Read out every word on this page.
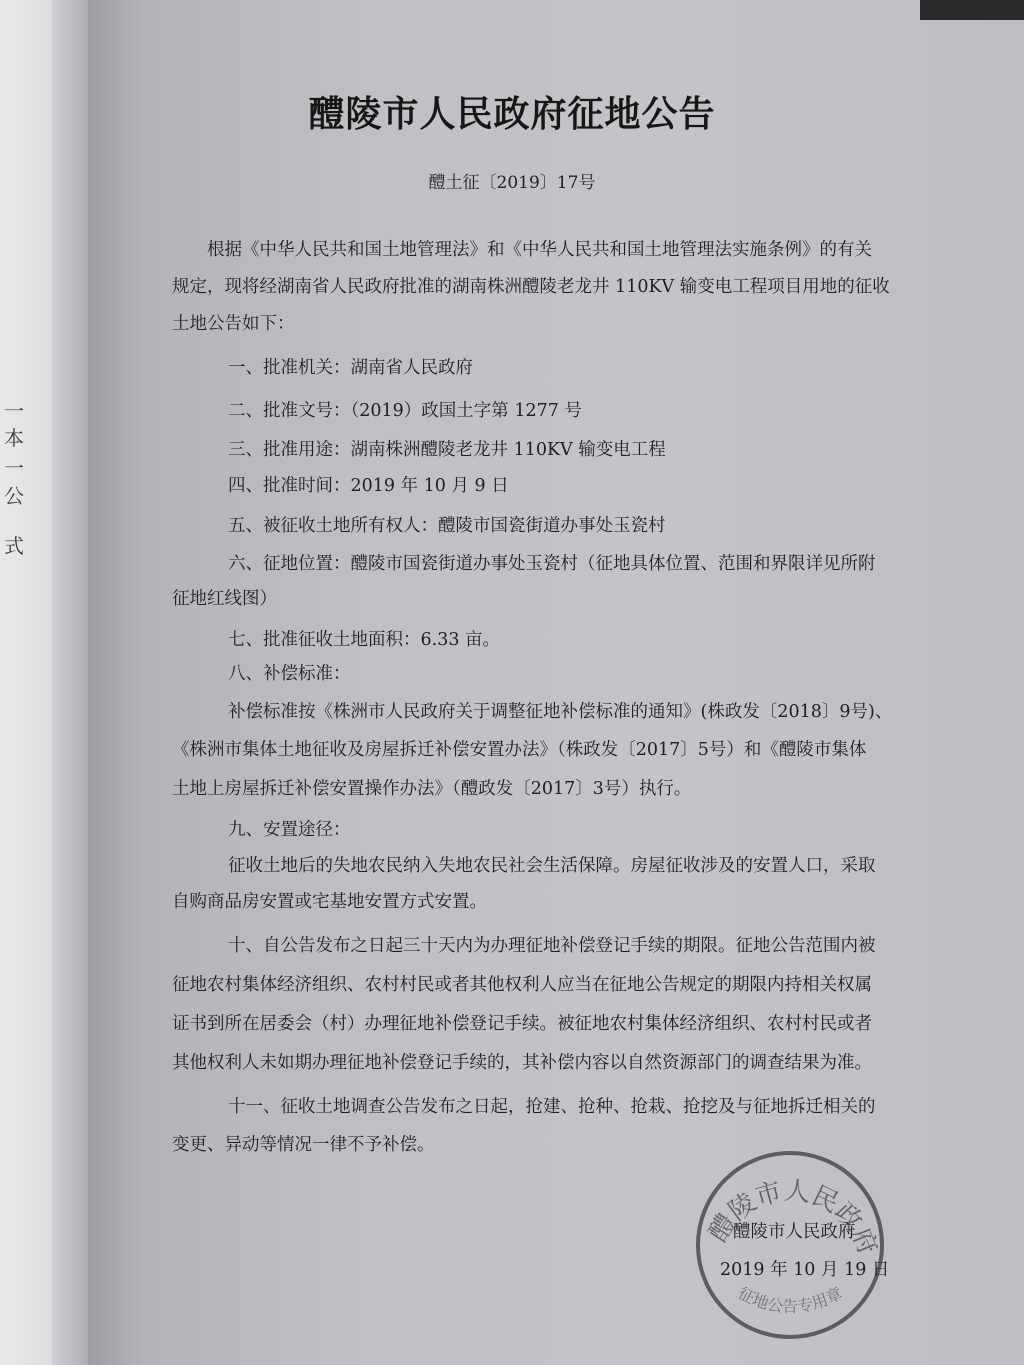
一
本
一
公
式
醴陵市人民政府征地公告
醴土征〔2019〕17号
根据《中华人民共和国土地管理法》和《中华人民共和国土地管理法实施条例》的有关
规定，现将经湖南省人民政府批准的湖南株洲醴陵老龙井 110KV 输变电工程项目用地的征收
土地公告如下：
一、批准机关：湖南省人民政府
二、批准文号：（2019）政国土字第 1277 号
三、批准用途：湖南株洲醴陵老龙井 110KV 输变电工程
四、批准时间：2019 年 10 月 9 日
五、被征收土地所有权人：醴陵市国瓷街道办事处玉瓷村
六、征地位置：醴陵市国瓷街道办事处玉瓷村（征地具体位置、范围和界限详见所附
征地红线图）
七、批准征收土地面积：6.33 亩。
八、补偿标准：
补偿标准按《株洲市人民政府关于调整征地补偿标准的通知》(株政发〔2018〕9号)、
《株洲市集体土地征收及房屋拆迁补偿安置办法》（株政发〔2017〕5号）和《醴陵市集体
土地上房屋拆迁补偿安置操作办法》（醴政发〔2017〕3号）执行。
九、安置途径：
征收土地后的失地农民纳入失地农民社会生活保障。房屋征收涉及的安置人口，采取
自购商品房安置或宅基地安置方式安置。
十、自公告发布之日起三十天内为办理征地补偿登记手续的期限。征地公告范围内被
征地农村集体经济组织、农村村民或者其他权利人应当在征地公告规定的期限内持相关权属
证书到所在居委会（村）办理征地补偿登记手续。被征地农村集体经济组织、农村村民或者
其他权利人未如期办理征地补偿登记手续的，其补偿内容以自然资源部门的调查结果为准。
十一、征收土地调查公告发布之日起，抢建、抢种、抢栽、抢挖及与征地拆迁相关的
变更、异动等情况一律不予补偿。
醴陵市人民政府
征地公告专用章
醴陵市人民政府
2019 年 10 月 19 日
